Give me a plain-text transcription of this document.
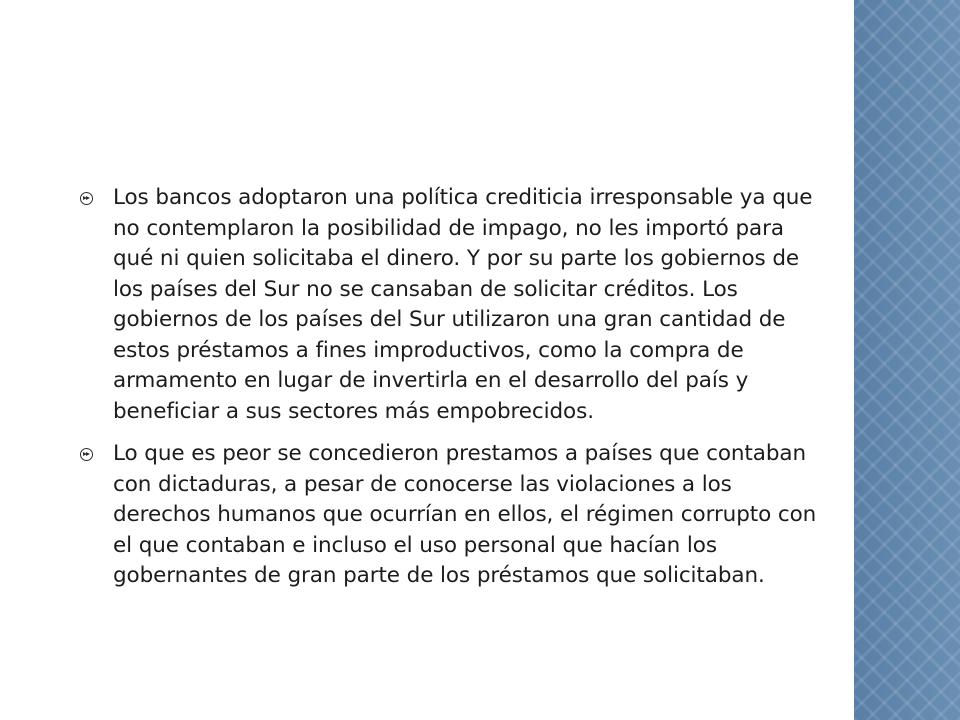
Los bancos adoptaron una política crediticia irresponsable ya que no contemplaron la posibilidad de impago, no les importó para qué ni quien solicitaba el dinero. Y por su parte los gobiernos de los países del Sur no se cansaban de solicitar créditos. Los gobiernos de los países del Sur utilizaron una gran cantidad de estos préstamos a fines improductivos, como la compra de armamento en lugar de invertirla en el desarrollo del país y beneficiar a sus sectores más empobrecidos.
Lo que es peor se concedieron prestamos a países que contaban con dictaduras, a pesar de conocerse las violaciones a los derechos humanos que ocurrían en ellos, el régimen corrupto con el que contaban e incluso el uso personal que hacían los gobernantes de gran parte de los préstamos que solicitaban.
